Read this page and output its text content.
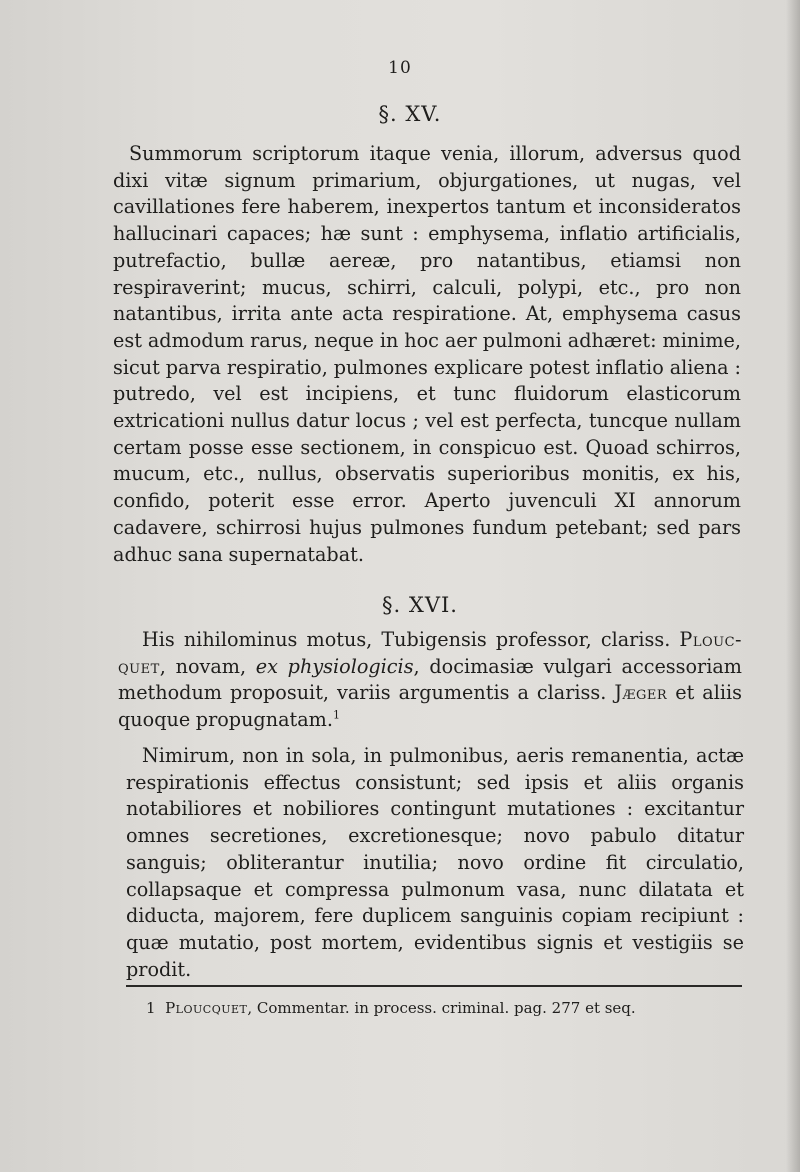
10
§. XV.

Summorum scriptorum itaque venia, illorum, adversus quod dixi vitæ signum primarium, objurgationes, ut nugas, vel cavillationes fere haberem, inexpertos tantum et inconsideratos hallucinari capaces; hæ sunt : emphysema, inflatio artificialis, putrefactio, bullæ aereæ, pro natantibus, etiamsi non respiraverint; mucus, schirri, calculi, polypi, etc., pro non natantibus, irrita ante acta respiratione. At, emphysema casus est admodum rarus, neque in hoc aer pulmoni adhæret: minime, sicut parva respiratio, pulmones explicare potest inflatio aliena : putredo, vel est incipiens, et tunc fluidorum elasticorum extricationi nullus datur locus ; vel est perfecta, tuncque nullam certam posse esse sectionem, in conspicuo est. Quoad schirros, mucum, etc., nullus, observatis superioribus monitis, ex his, confido, poterit esse error. Aperto juvenculi XI annorum cadavere, schirrosi hujus pulmones fundum petebant; sed pars adhuc sana supernatabat.

§. XVI.

His nihilominus motus, Tubigensis professor, clariss. Plouc-quet, novam, ex physiologicis, docimasiæ vulgari accessoriam methodum proposuit, variis argumentis a clariss. Jæger et aliis quoque propugnatam.$^1$

Nimirum, non in sola, in pulmonibus, aeris remanentia, actæ respirationis effectus consistunt; sed ipsis et aliis organis notabiliores et nobiliores contingunt mutationes : excitantur omnes secretiones, excretionesque; novo pabulo ditatur sanguis; obliterantur inutilia; novo ordine fit circulatio, collapsaque et compressa pulmonum vasa, nunc dilatata et diducta, majorem, fere duplicem sanguinis copiam recipiunt : quæ mutatio, post mortem, evidentibus signis et vestigiis se prodit.

1 Ploucquet, Commentar. in process. criminal. pag. 277 et seq.
